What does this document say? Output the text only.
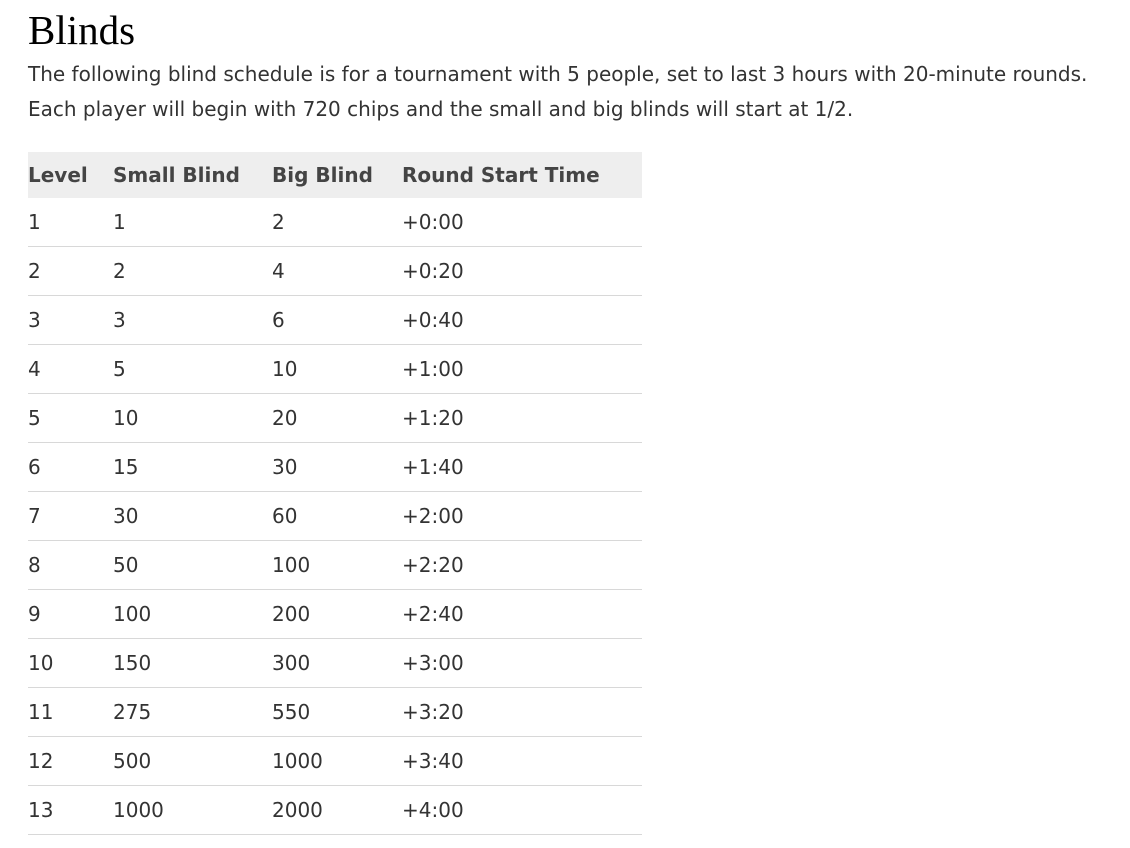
Blinds

The following blind schedule is for a tournament with 5 people, set to last 3 hours with 20-minute rounds. Each player will begin with 720 chips and the small and big blinds will start at 1/2.

Level	Small Blind	Big Blind	Round Start Time
1	1	2	+0:00
2	2	4	+0:20
3	3	6	+0:40
4	5	10	+1:00
5	10	20	+1:20
6	15	30	+1:40
7	30	60	+2:00
8	50	100	+2:20
9	100	200	+2:40
10	150	300	+3:00
11	275	550	+3:20
12	500	1000	+3:40
13	1000	2000	+4:00
